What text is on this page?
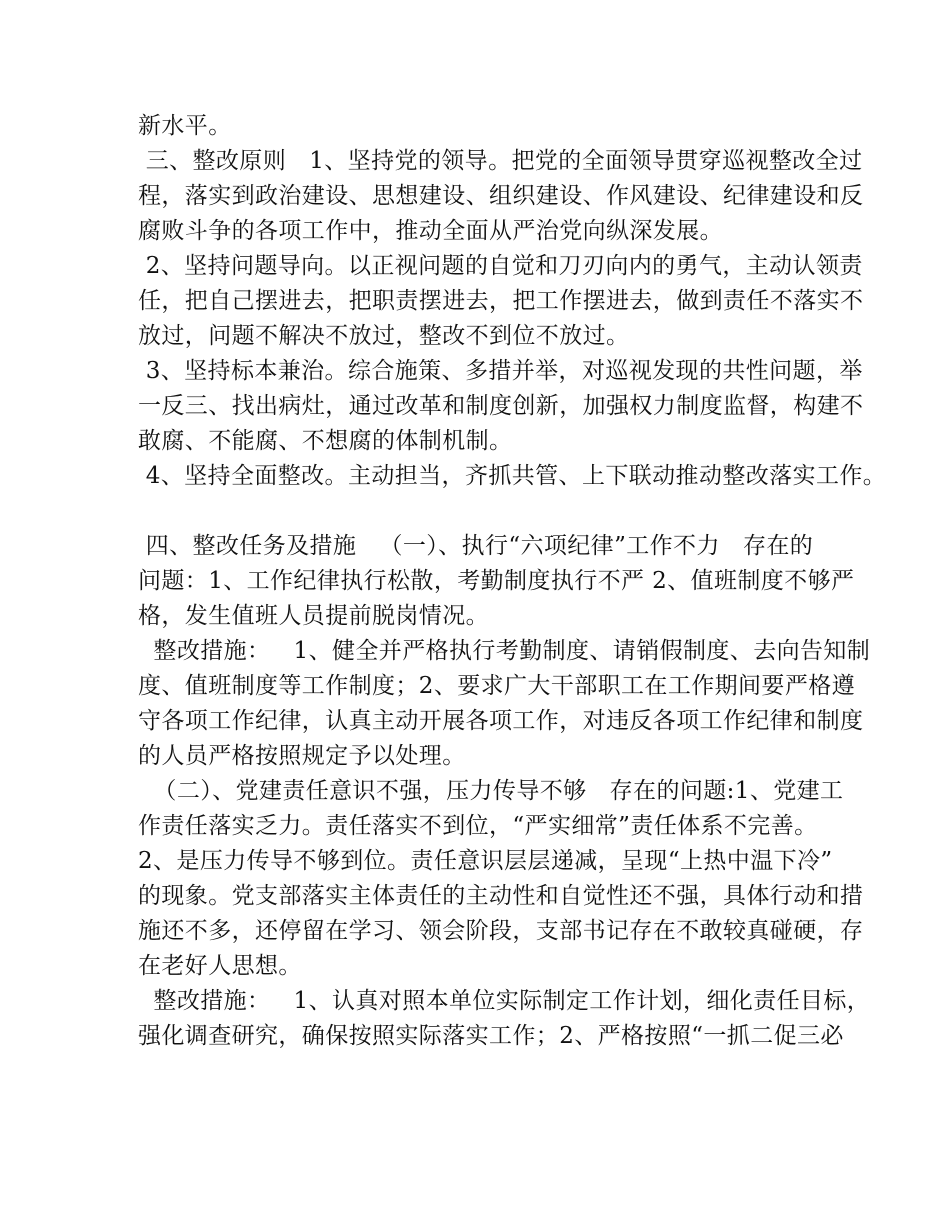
新水平。
三、整改原则   1、坚持党的领导。把党的全面领导贯穿巡视整改全过
程，落实到政治建设、思想建设、组织建设、作风建设、纪律建设和反
腐败斗争的各项工作中，推动全面从严治党向纵深发展。
2、坚持问题导向。以正视问题的自觉和刀刃向内的勇气，主动认领责
任，把自己摆进去，把职责摆进去，把工作摆进去，做到责任不落实不
放过，问题不解决不放过，整改不到位不放过。
3、坚持标本兼治。综合施策、多措并举，对巡视发现的共性问题，举
一反三、找出病灶，通过改革和制度创新，加强权力制度监督，构建不
敢腐、不能腐、不想腐的体制机制。
4、坚持全面整改。主动担当，齐抓共管、上下联动推动整改落实工作。
四、整改任务及措施   （一）、执行“六项纪律”工作不力   存在的
问题：1、工作纪律执行松散，考勤制度执行不严 2、值班制度不够严
格，发生值班人员提前脱岗情况。
整改措施：   1、健全并严格执行考勤制度、请销假制度、去向告知制
度、值班制度等工作制度；2、要求广大干部职工在工作期间要严格遵
守各项工作纪律，认真主动开展各项工作，对违反各项工作纪律和制度
的人员严格按照规定予以处理。
（二）、党建责任意识不强，压力传导不够   存在的问题:1、党建工
作责任落实乏力。责任落实不到位，“严实细常”责任体系不完善。
2、是压力传导不够到位。责任意识层层递减，呈现“上热中温下冷”
的现象。党支部落实主体责任的主动性和自觉性还不强，具体行动和措
施还不多，还停留在学习、领会阶段，支部书记存在不敢较真碰硬，存
在老好人思想。
整改措施：   1、认真对照本单位实际制定工作计划，细化责任目标，
强化调查研究，确保按照实际落实工作；2、严格按照“一抓二促三必
